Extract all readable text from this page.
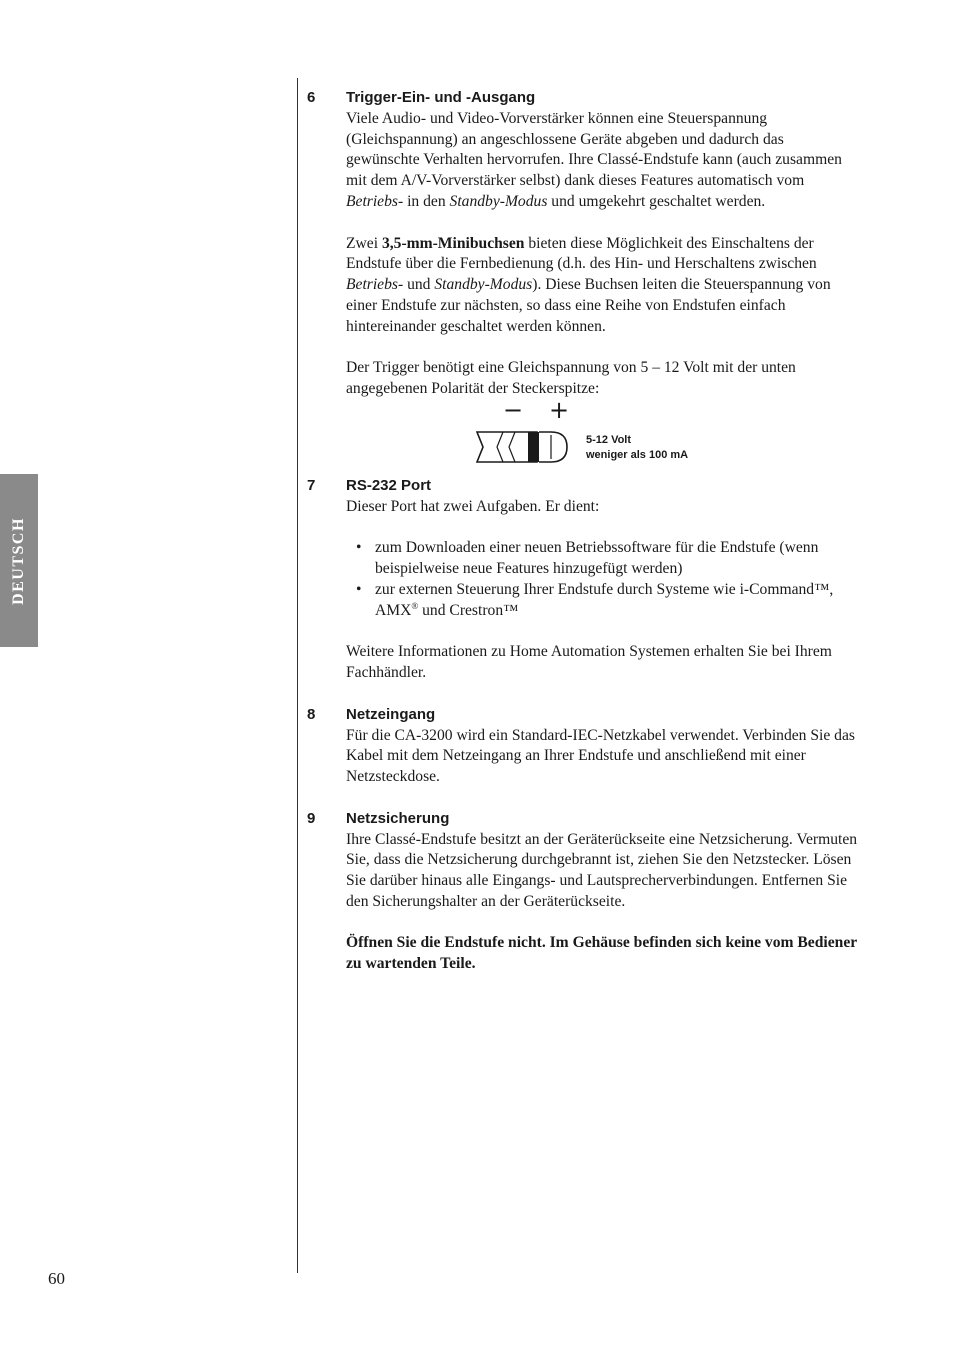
DEUTSCH
60
6 Trigger-Ein- und -Ausgang

Viele Audio- und Video-Vorverstärker können eine Steuerspannung (Gleichspannung) an angeschlossene Geräte abgeben und dadurch das gewünschte Verhalten hervorrufen. Ihre Classé-Endstufe kann (auch zusammen mit dem A/V-Vorverstärker selbst) dank dieses Features automatisch vom Betriebs- in den Standby-Modus und umgekehrt geschaltet werden.

Zwei 3,5-mm-Minibuchsen bieten diese Möglichkeit des Einschaltens der Endstufe über die Fernbedienung (d.h. des Hin- und Herschaltens zwischen Betriebs- und Standby-Modus). Diese Buchsen leiten die Steuerspannung von einer Endstufe zur nächsten, so dass eine Reihe von Endstufen einfach hintereinander geschaltet werden können.

Der Trigger benötigt eine Gleichspannung von 5 – 12 Volt mit der unten angegebenen Polarität der Steckerspitze:

− +
5-12 Volt
weniger als 100 mA
7 RS-232 Port

Dieser Port hat zwei Aufgaben. Er dient:

• zum Downloaden einer neuen Betriebssoftware für die Endstufe (wenn beispielweise neue Features hinzugefügt werden)
• zur externen Steuerung Ihrer Endstufe durch Systeme wie i-Command™, AMX® und Crestron™

Weitere Informationen zu Home Automation Systemen erhalten Sie bei Ihrem Fachhändler.

8 Netzeingang

Für die CA-3200 wird ein Standard-IEC-Netzkabel verwendet. Verbinden Sie das Kabel mit dem Netzeingang an Ihrer Endstufe und anschließend mit einer Netzsteckdose.

9 Netzsicherung

Ihre Classé-Endstufe besitzt an der Geräterückseite eine Netzsicherung. Vermuten Sie, dass die Netzsicherung durchgebrannt ist, ziehen Sie den Netzstecker. Lösen Sie darüber hinaus alle Eingangs- und Lautsprecherverbindungen. Entfernen Sie den Sicherungshalter an der Geräterückseite.

Öffnen Sie die Endstufe nicht. Im Gehäuse befinden sich keine vom Bediener zu wartenden Teile.
